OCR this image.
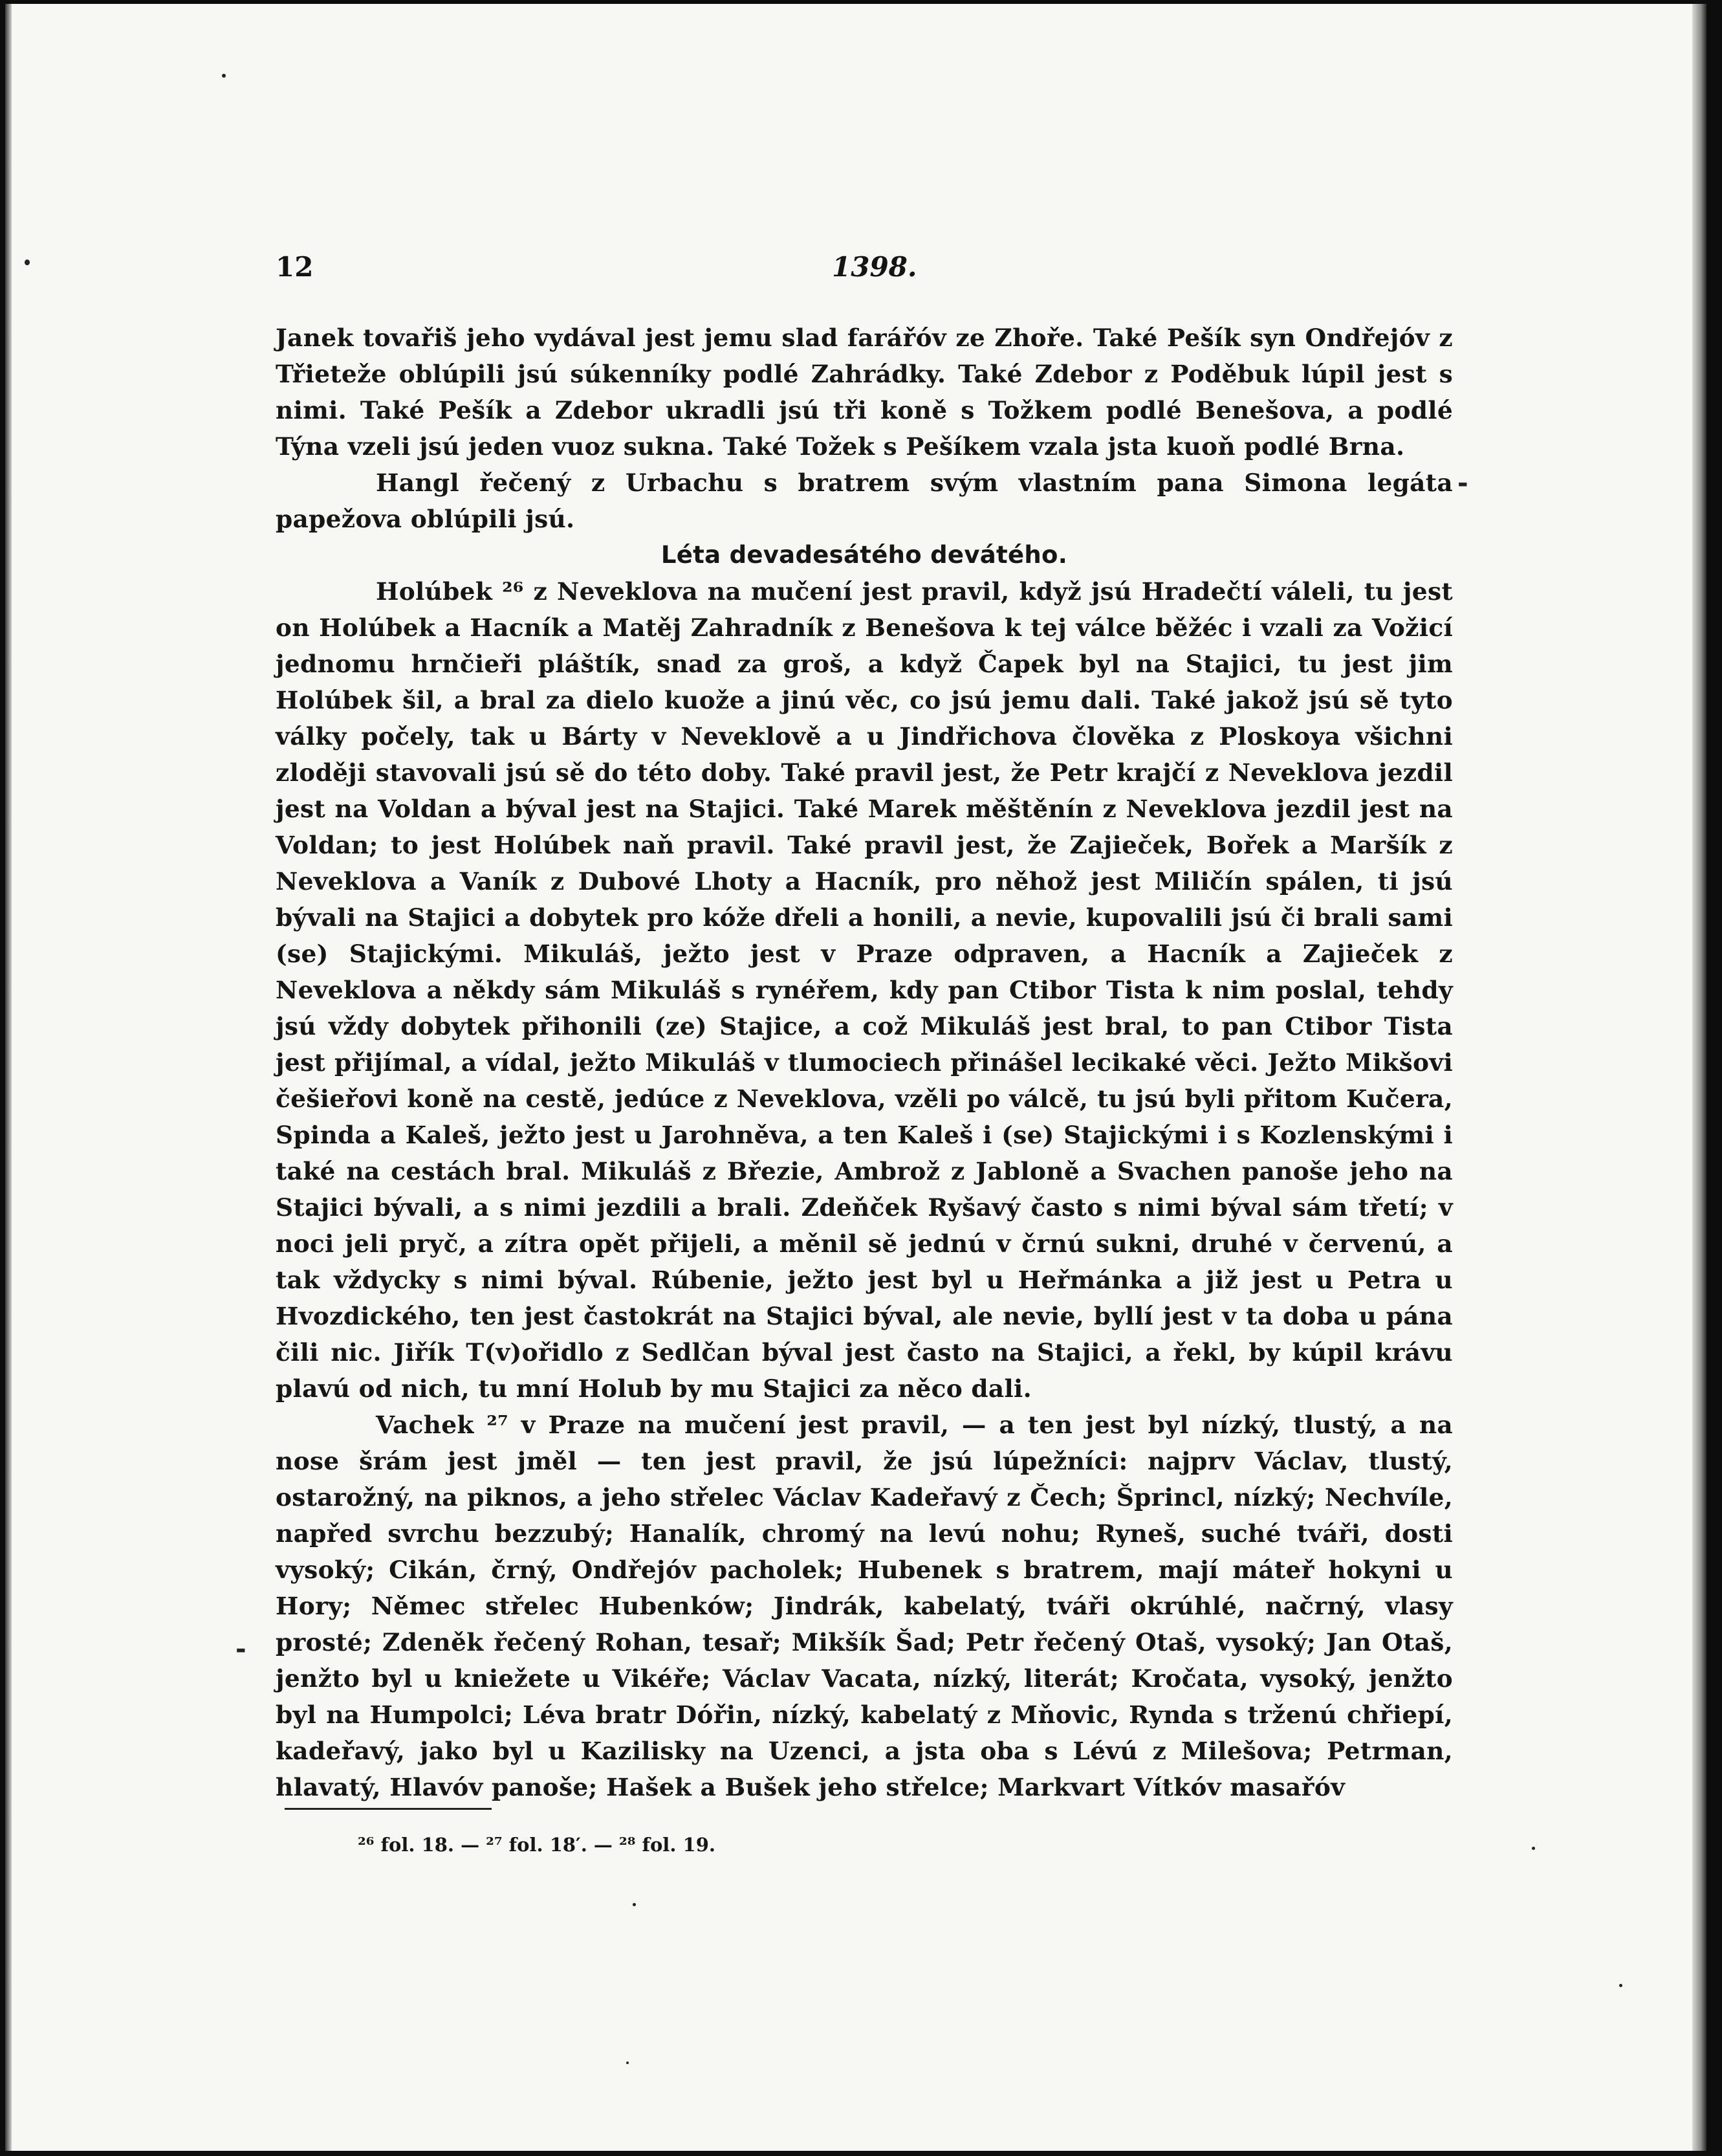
-
-
12	1398.

Janek tovařiš jeho vydával jest jemu slad farářóv ze Zhoře. Také Pešík syn Ondřejóv z Třieteže oblúpili jsú súkenníky podlé Zahrádky. Také Zdebor z Poděbuk lúpil jest s nimi. Také Pešík a Zdebor ukradli jsú tři koně s Tožkem podlé Benešova, a podlé Týna vzeli jsú jeden vuoz sukna. Také Tožek s Pešíkem vzala jsta kuoň podlé Brna.

Hangl řečený z Urbachu s bratrem svým vlastním pana Simona legáta papežova oblúpili jsú.

Léta devadesátého devátého.

Holúbek ²⁶ z Neveklova na mučení jest pravil, když jsú Hradečtí váleli, tu jest on Holúbek a Hacník a Matěj Zahradník z Benešova k tej válce běžéc i vzali za Vožicí jednomu hrnčieři pláštík, snad za groš, a když Čapek byl na Stajici, tu jest jim Holúbek šil, a bral za dielo kuože a jinú věc, co jsú jemu dali. Také jakož jsú sě tyto války počely, tak u Bárty v Neveklově a u Jindřichova člověka z Ploskoya všichni zloději stavovali jsú sě do této doby. Také pravil jest, že Petr krajčí z Neveklova jezdil jest na Voldan a býval jest na Stajici. Také Marek měštěnín z Neveklova jezdil jest na Voldan; to jest Holúbek naň pravil. Také pravil jest, že Zajieček, Bořek a Maršík z Neveklova a Vaník z Dubové Lhoty a Hacník, pro něhož jest Miličín spálen, ti jsú bývali na Stajici a dobytek pro kóže dřeli a honili, a nevie, kupovalili jsú či brali sami (se) Stajickými. Mikuláš, ježto jest v Praze odpraven, a Hacník a Zajieček z Neveklova a někdy sám Mikuláš s rynéřem, kdy pan Ctibor Tista k nim poslal, tehdy jsú vždy dobytek přihonili (ze) Stajice, a což Mikuláš jest bral, to pan Ctibor Tista jest přijímal, a vídal, ježto Mikuláš v tlumociech přinášel lecikaké věci. Ježto Mikšovi češieřovi koně na cestě, jedúce z Neveklova, vzěli po válcě, tu jsú byli přitom Kučera, Spinda a Kaleš, ježto jest u Jarohněva, a ten Kaleš i (se) Stajickými i s Kozlenskými i také na cestách bral. Mikuláš z Březie, Ambrož z Jabloně a Svachen panoše jeho na Stajici bývali, a s nimi jezdili a brali. Zdeňček Ryšavý často s nimi býval sám třetí; v noci jeli pryč, a zítra opět přijeli, a měnil sě jednú v črnú sukni, druhé v červenú, a tak vždycky s nimi býval. Rúbenie, ježto jest byl u Heřmánka a již jest u Petra u Hvozdického, ten jest častokrát na Stajici býval, ale nevie, byllí jest v ta doba u pána čili nic. Jiřík T(v)ořidlo z Sedlčan býval jest často na Stajici, a řekl, by kúpil krávu plavú od nich, tu mní Holub by mu Stajici za něco dali.

Vachek ²⁷ v Praze na mučení jest pravil, — a ten jest byl nízký, tlustý, a na nose šrám jest jměl — ten jest pravil, že jsú lúpežníci: najprv Václav, tlustý, ostarožný, na piknos, a jeho střelec Václav Kadeřavý z Čech; Šprincl, nízký; Nechvíle, napřed svrchu bezzubý; Hanalík, chromý na levú nohu; Ryneš, suché tváři, dosti vysoký; Cikán, črný, Ondřejóv pacholek; Hubenek s bratrem, mají máteř hokyni u Hory; Němec střelec Hubenków; Jindrák, kabelatý, tváři okrúhlé, načrný, vlasy prosté; Zdeněk řečený Rohan, tesař; Mikšík Šad; Petr řečený Otaš, vysoký; Jan Otaš, jenžto byl u kniežete u Vikéře; Václav Vacata, nízký, literát; Kročata, vysoký, jenžto byl na Humpolci; Léva bratr Dóřin, nízký, kabelatý z Mňovic, Rynda s trženú chřiepí, kadeřavý, jako byl u Kazilisky na Uzenci, a jsta oba s Lévú z Milešova; Petrman, hlavatý, Hlavóv panoše; Hašek a Bušek jeho střelce; Markvart Vítkóv masařóv

²⁶ fol. 18. — ²⁷ fol. 18′. — ²⁸ fol. 19.
